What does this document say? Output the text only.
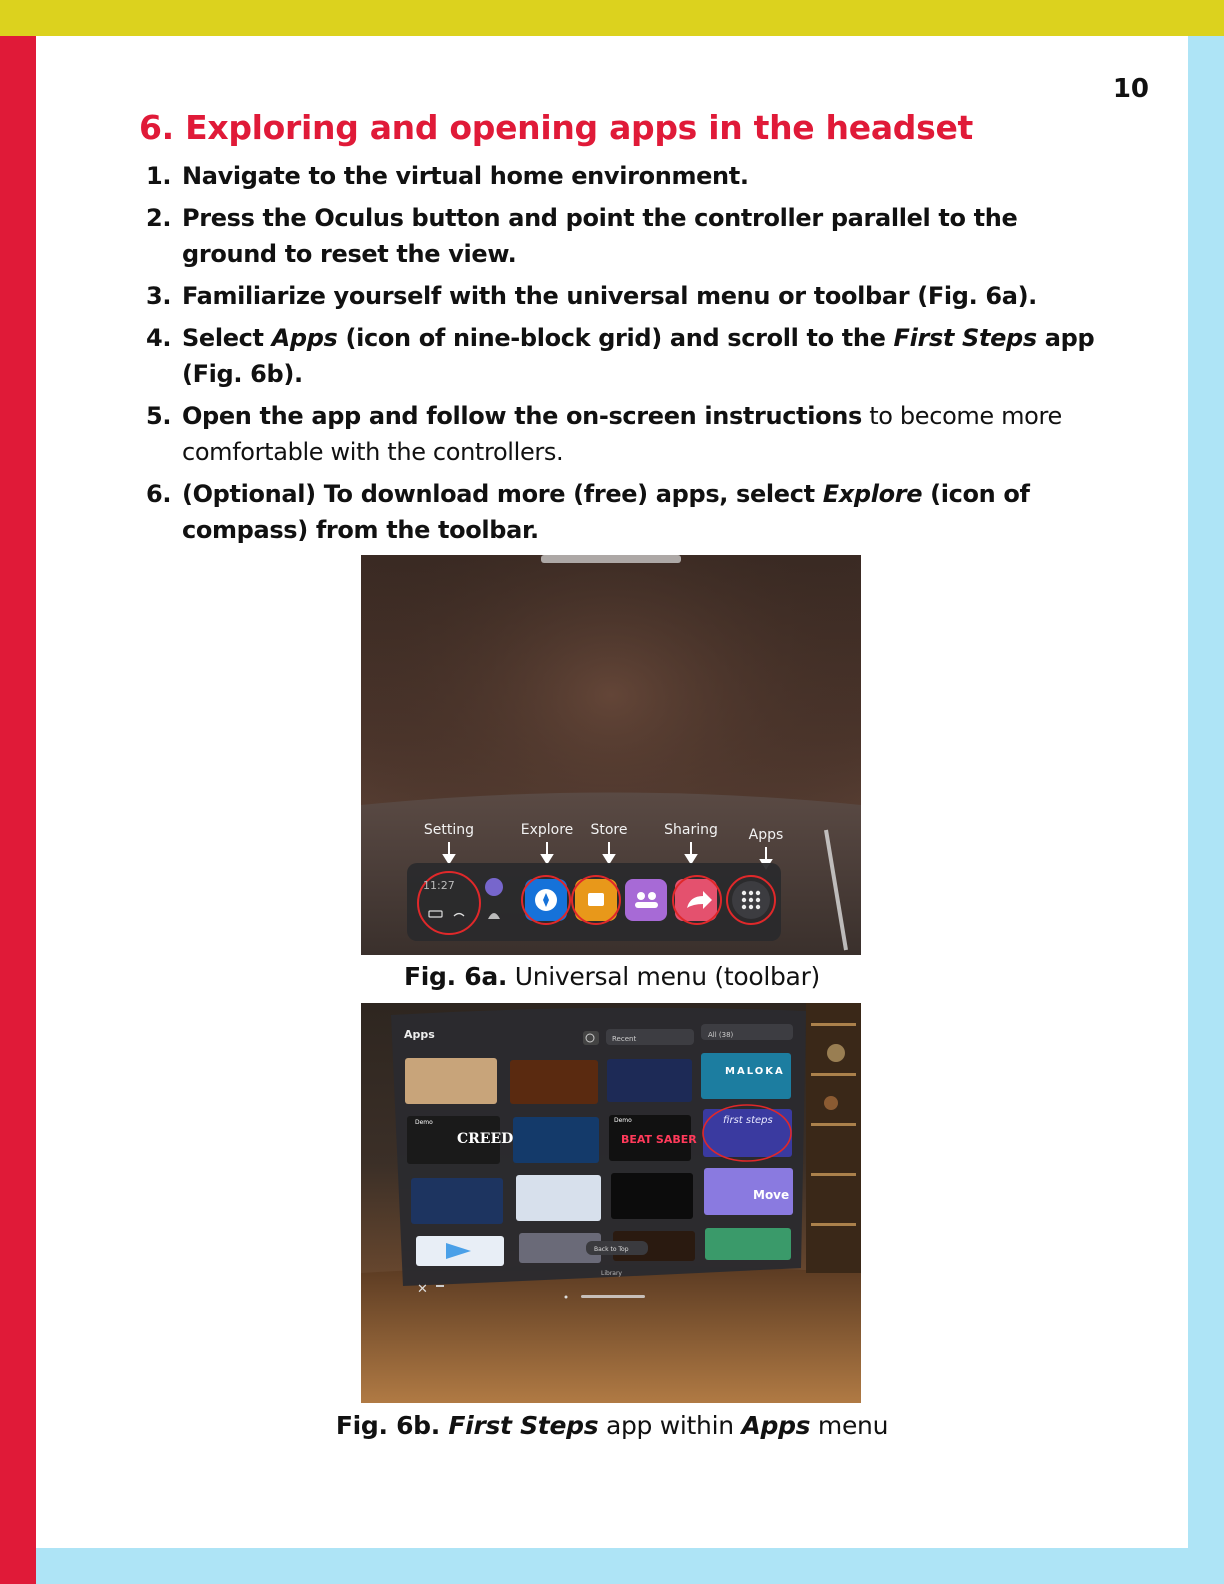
10
6. Exploring and opening apps in the headset
1. Navigate to the virtual home environment.
2. Press the Oculus button and point the controller parallel to the ground to reset the view.
3. Familiarize yourself with the universal menu or toolbar (Fig. 6a).
4. Select Apps (icon of nine-block grid) and scroll to the First Steps app (Fig. 6b).
5. Open the app and follow the on-screen instructions to become more comfortable with the controllers.
6. (Optional) To download more (free) apps, select Explore (icon of compass) from the toolbar.
Setting	Explore	Store	Sharing	Apps
11:27
Fig. 6a. Universal menu (toolbar)
✕
Apps	Recent	All (38)
Back to Top
Library
CREED	BEAT SABER
first steps
Move
MALOKA
Demo	Demo
Fig. 6b. First Steps app within Apps menu
